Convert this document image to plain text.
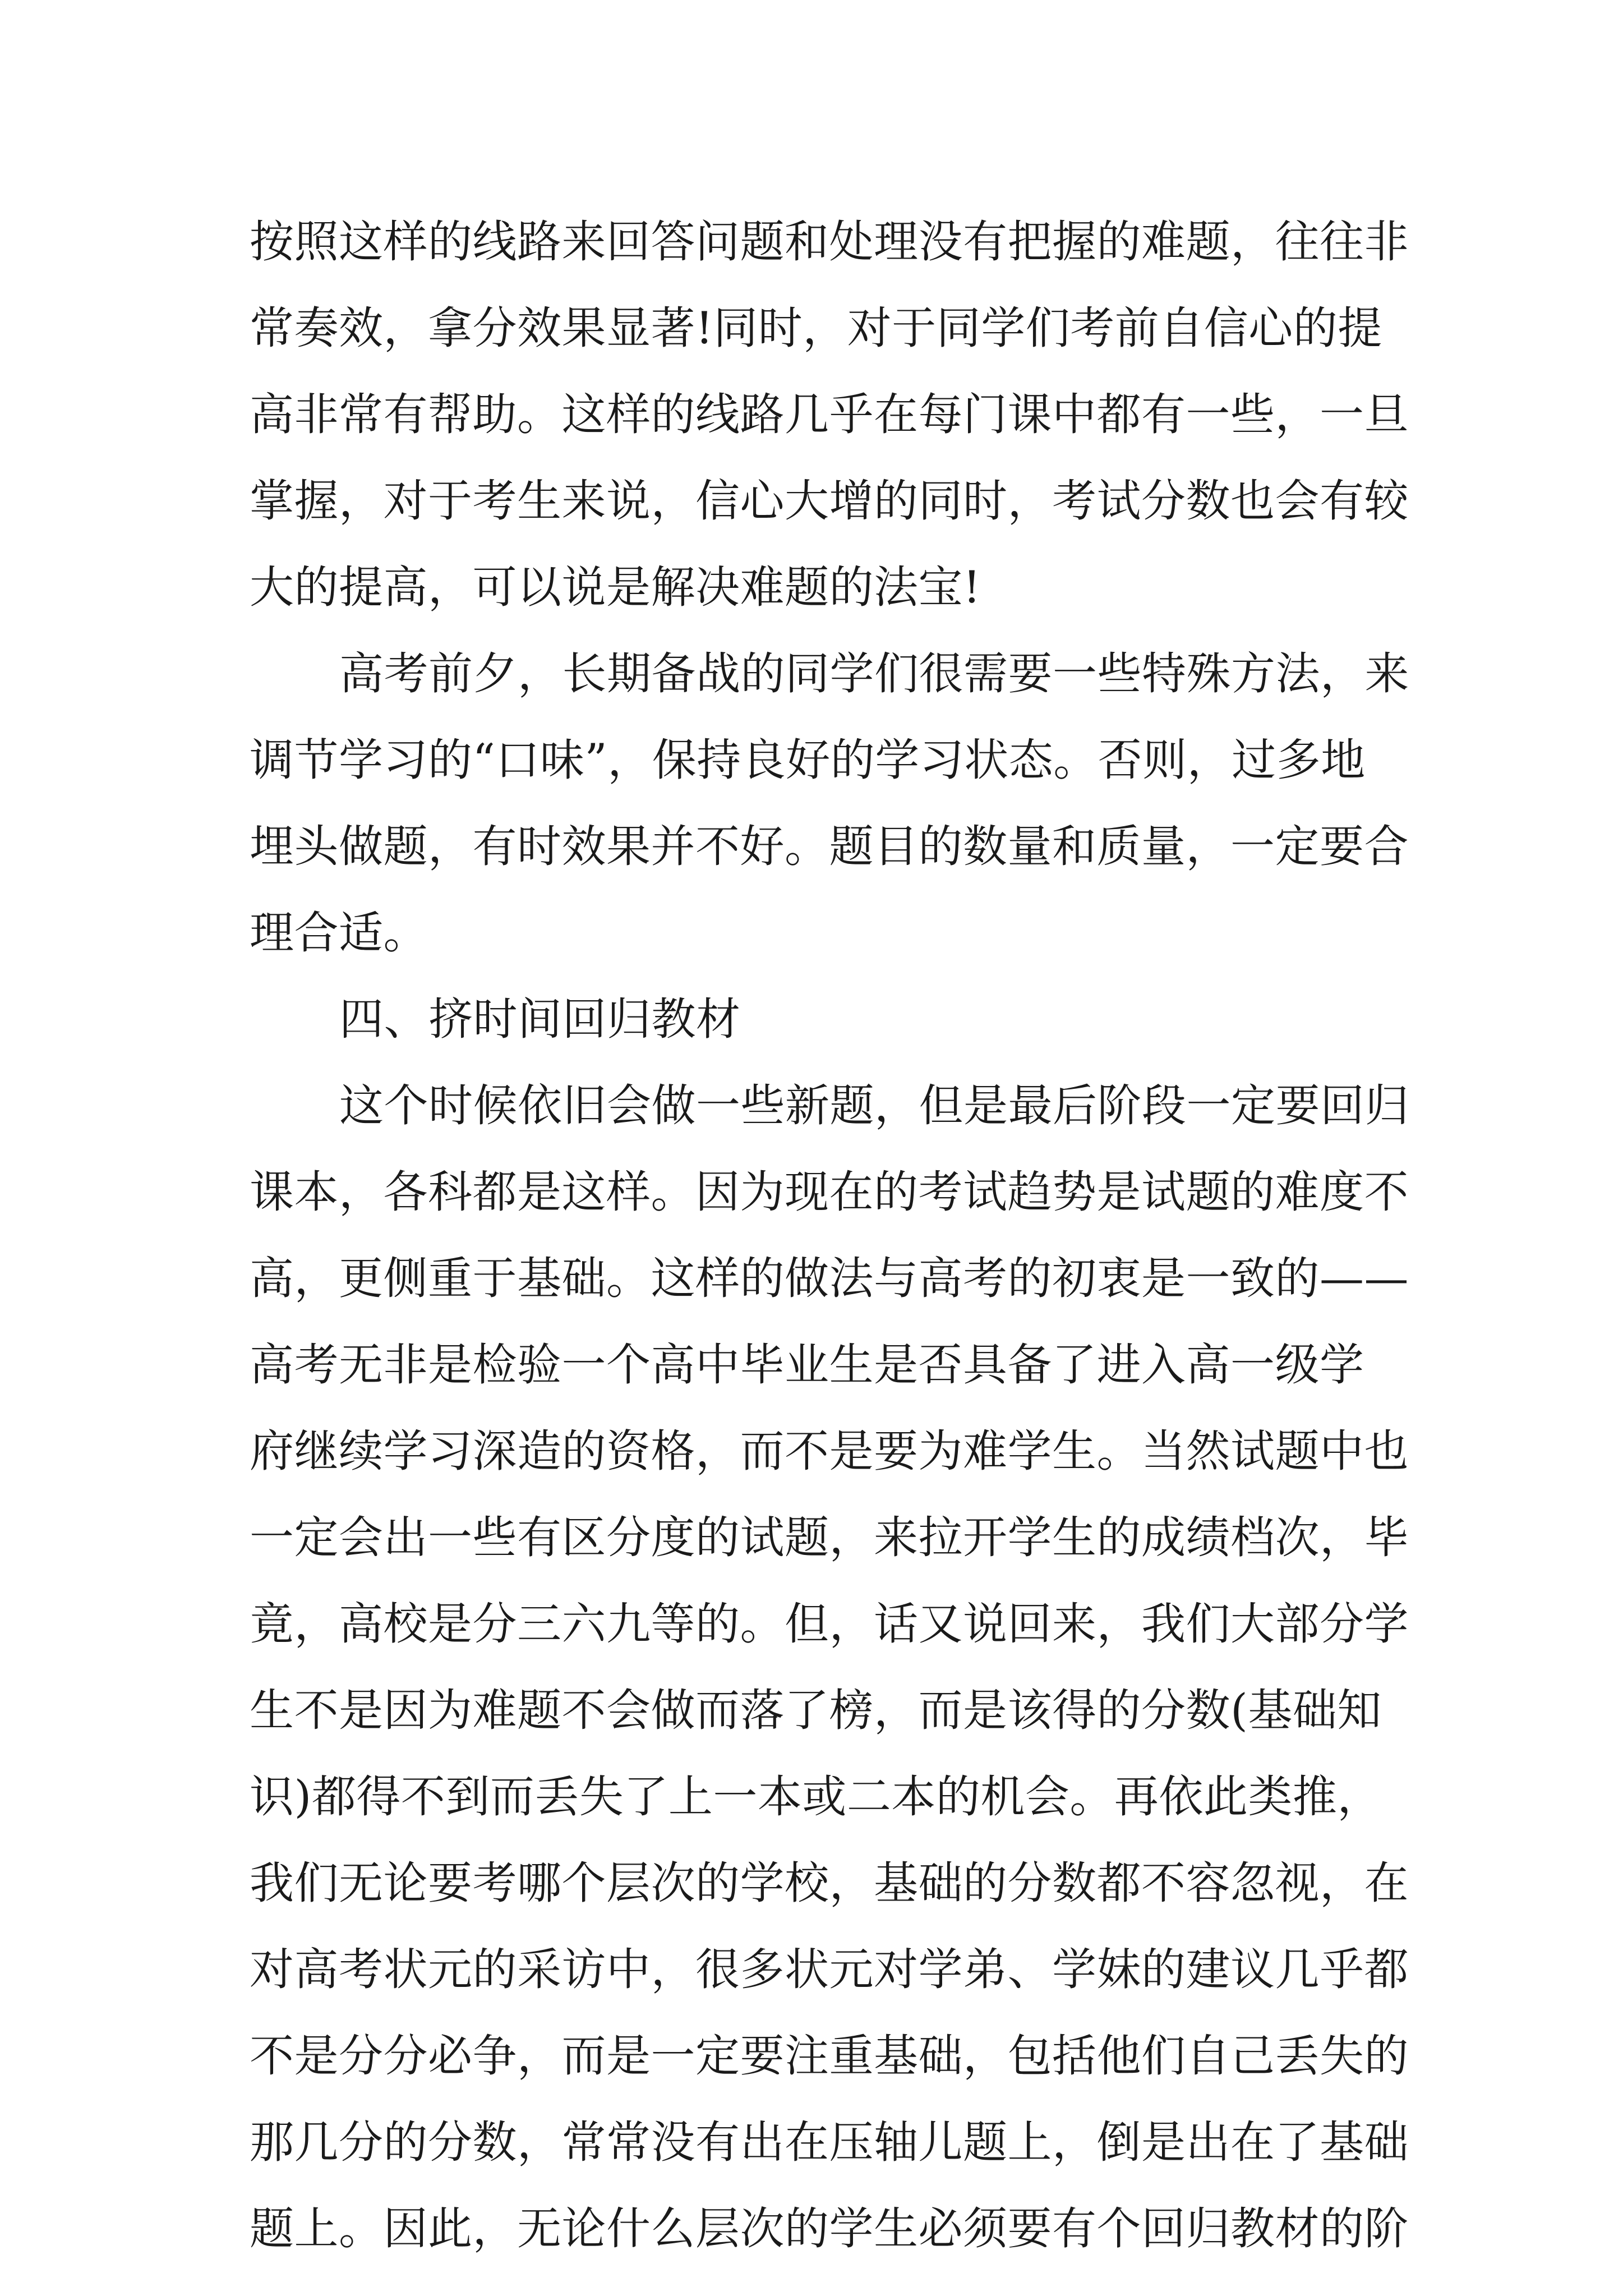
按照这样的线路来回答问题和处理没有把握的难题，往往非
常奏效，拿分效果显著!同时，对于同学们考前自信心的提
高非常有帮助。这样的线路几乎在每门课中都有一些，一旦
掌握，对于考生来说，信心大增的同时，考试分数也会有较
大的提高，可以说是解决难题的法宝!
高考前夕，长期备战的同学们很需要一些特殊方法，来
调节学习的“口味”，保持良好的学习状态。否则，过多地
埋头做题，有时效果并不好。题目的数量和质量，一定要合
理合适。
四、挤时间回归教材
这个时候依旧会做一些新题，但是最后阶段一定要回归
课本，各科都是这样。因为现在的考试趋势是试题的难度不
高，更侧重于基础。这样的做法与高考的初衷是一致的——
高考无非是检验一个高中毕业生是否具备了进入高一级学
府继续学习深造的资格，而不是要为难学生。当然试题中也
一定会出一些有区分度的试题，来拉开学生的成绩档次，毕
竟，高校是分三六九等的。但，话又说回来，我们大部分学
生不是因为难题不会做而落了榜，而是该得的分数(基础知
识)都得不到而丢失了上一本或二本的机会。再依此类推，
我们无论要考哪个层次的学校，基础的分数都不容忽视，在
对高考状元的采访中，很多状元对学弟、学妹的建议几乎都
不是分分必争，而是一定要注重基础，包括他们自己丢失的
那几分的分数，常常没有出在压轴儿题上，倒是出在了基础
题上。因此，无论什么层次的学生必须要有个回归教材的阶
